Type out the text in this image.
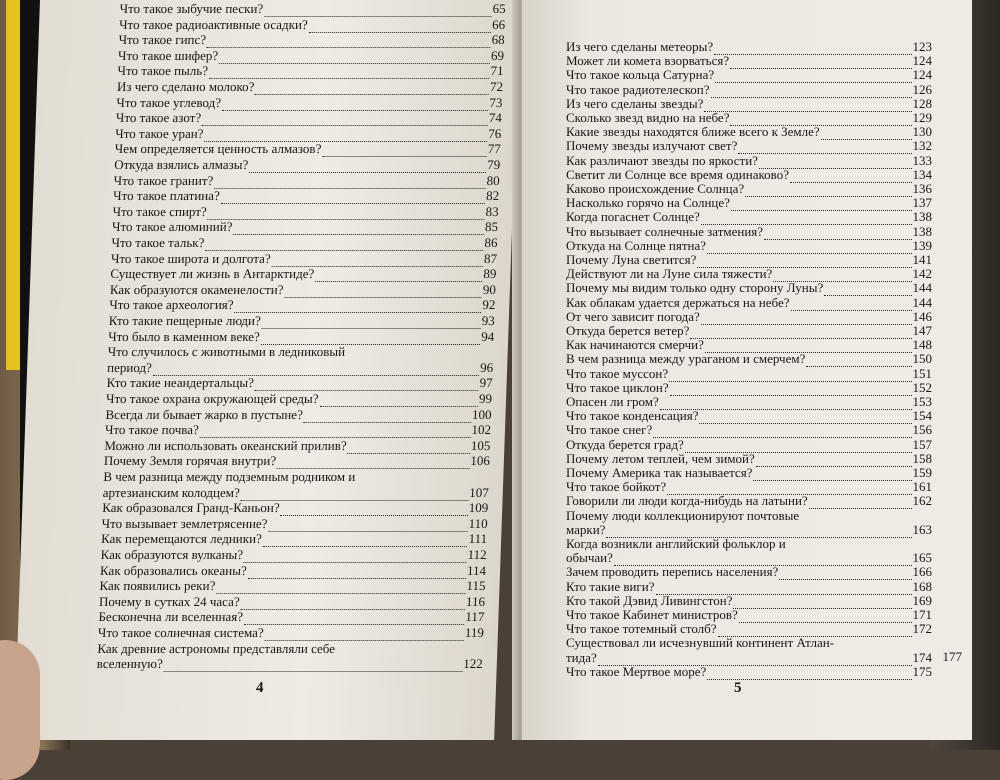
Что такое зыбучие пески?	65
Что такое радиоактивные осадки?	66
Что такое гипс?	68
Что такое шифер?	69
Что такое пыль?	71
Из чего сделано молоко?	72
Что такое углевод?	73
Что такое азот?	74
Что такое уран?	76
Чем определяется ценность алмазов?	77
Откуда взялись алмазы?	79
Что такое гранит?	80
Что такое платина?	82
Что такое спирт?	83
Что такое алюминий?	85
Что такое тальк?	86
Что такое широта и долгота?	87
Существует ли жизнь в Антарктиде?	89
Как образуются окаменелости?	90
Что такое археология?	92
Кто такие пещерные люди?	93
Что было в каменном веке?	94
Что случилось с животными в ледниковый
период?	96
Кто такие неандертальцы?	97
Что такое охрана окружающей среды?	99
Всегда ли бывает жарко в пустыне?	100
Что такое почва?	102
Можно ли использовать океанский прилив?	105
Почему Земля горячая внутри?	106
В чем разница между подземным родником и
артезианским колодцем?	107
Как образовался Гранд-Каньон?	109
Что вызывает землетрясение?	110
Как перемещаются ледники?	111
Как образуются вулканы?	112
Как образовались океаны?	114
Как появились реки?	115
Почему в сутках 24 часа?	116
Бесконечна ли вселенная?	117
Что такое солнечная система?	119
Как древние астрономы представляли себе
вселенную?	122
4
Из чего сделаны метеоры?	123
Может ли комета взорваться?	124
Что такое кольца Сатурна?	124
Что такое радиотелескоп?	126
Из чего сделаны звезды?	128
Сколько звезд видно на небе?	129
Какие звезды находятся ближе всего к Земле?	130
Почему звезды излучают свет?	132
Как различают звезды по яркости?	133
Светит ли Солнце все время одинаково?	134
Каково происхождение Солнца?	136
Насколько горячо на Солнце?	137
Когда погаснет Солнце?	138
Что вызывает солнечные затмения?	138
Откуда на Солнце пятна?	139
Почему Луна светится?	141
Действуют ли на Луне сила тяжести?	142
Почему мы видим только одну сторону Луны?	144
Как облакам удается держаться на небе?	144
От чего зависит погода?	146
Откуда берется ветер?	147
Как начинаются смерчи?	148
В чем разница между ураганом и смерчем?	150
Что такое муссон?	151
Что такое циклон?	152
Опасен ли гром?	153
Что такое конденсация?	154
Что такое снег?	156
Откуда берется град?	157
Почему летом теплей, чем зимой?	158
Почему Америка так называется?	159
Что такое бойкот?	161
Говорили ли люди когда-нибудь на латыни?	162
Почему люди коллекционируют почтовые
марки?	163
Когда возникли английский фольклор и
обычаи?	165
Зачем проводить перепись населения?	166
Кто такие виги?	168
Кто такой Дэвид Ливингстон?	169
Что такое Кабинет министров?	171
Что такое тотемный столб?	172
Существовал ли исчезнувший континент Атлан-
тида?	174
Что такое Мертвое море?	175
177
5
